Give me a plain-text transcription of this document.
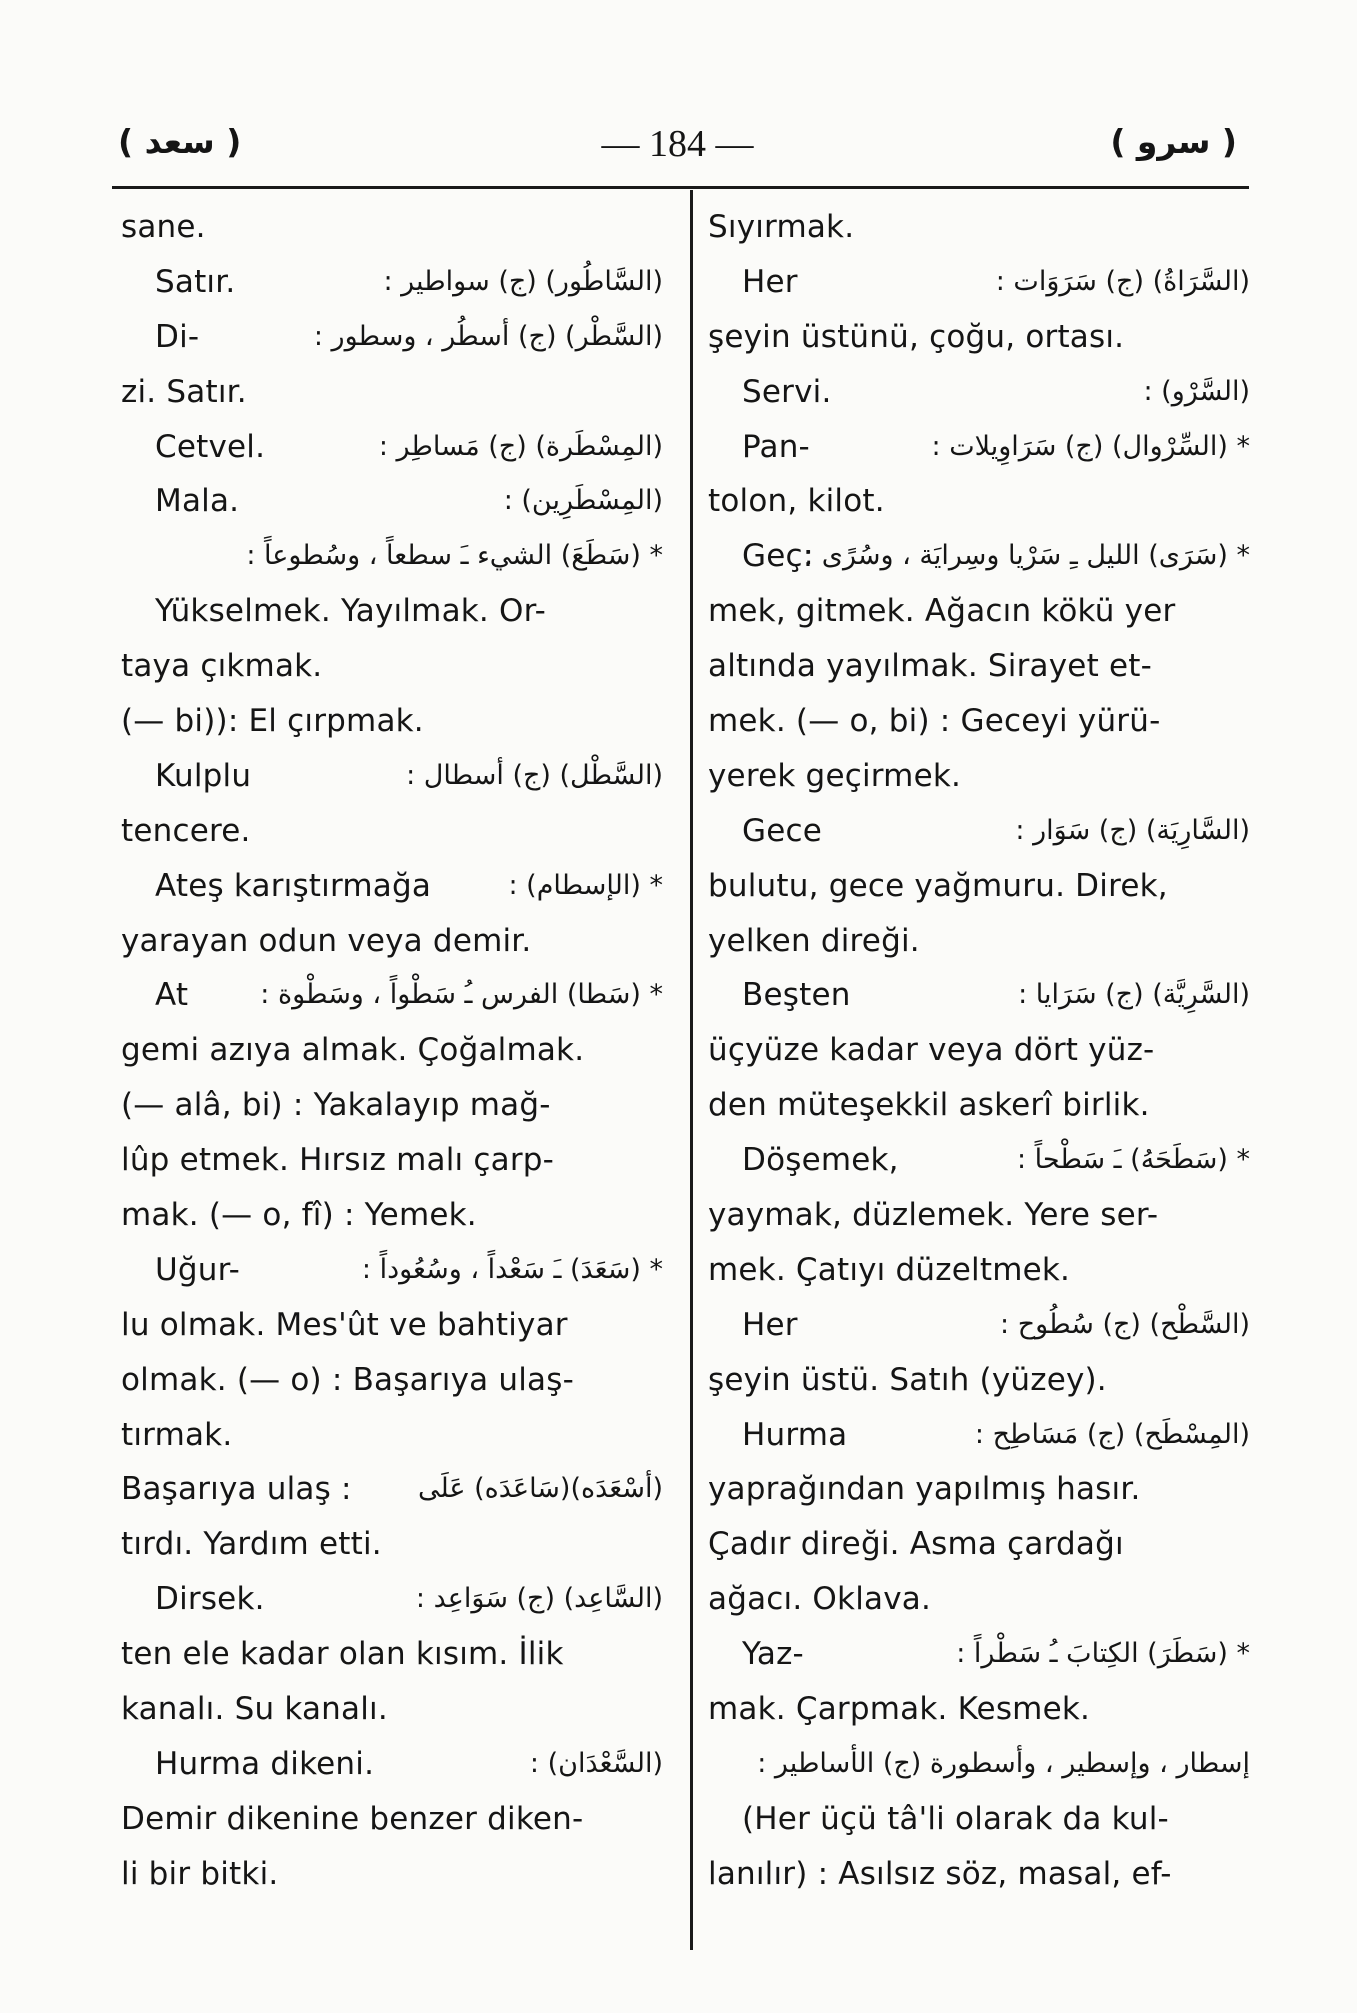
( سعد )	— 184 —	( سرو )
sane.
Satır.	(السَّاطُور) (ج) سواطير :
Di-	(السَّطْر) (ج) أسطُر ، وسطور :
zi. Satır.
Cetvel.	(المِسْطَرة) (ج) مَساطِر :
Mala.	(المِسْطَرِين) :
* (سَطَعَ) الشيء ـَ سطعاً ، وسُطوعاً :
Yükselmek. Yayılmak. Or-
taya çıkmak.
(— bi)): El çırpmak.
Kulplu	(السَّطْل) (ج) أسطال :
tencere.
Ateş karıştırmağa	* (الإسطام) :
yarayan odun veya demir.
At	* (سَطا) الفرس ـُ سَطْواً ، وسَطْوة :
gemi azıya almak. Çoğalmak.
(— alâ, bi) : Yakalayıp mağ-
lûp etmek. Hırsız malı çarp-
mak. (— o, fî) : Yemek.
Uğur-	* (سَعَدَ) ـَ سَعْداً ، وسُعُوداً :
lu olmak. Mes'ût ve bahtiyar
olmak. (— o) : Başarıya ulaş-
tırmak.
Başarıya ulaş : (أسْعَدَه)(سَاعَدَه) عَلَى
tırdı. Yardım etti.
Dirsek.	(السَّاعِد) (ج) سَوَاعِد :
ten ele kadar olan kısım. İlik
kanalı. Su kanalı.
Hurma dikeni.	(السَّعْدَان) :
Demir dikenine benzer diken-
li bir bitki.
Sıyırmak.
Her	(السَّرَاةُ) (ج) سَرَوَات :
şeyin üstünü, çoğu, ortası.
Servi.	(السَّرْو) :
Pan-	* (السِّرْوال) (ج) سَرَاوِيلات :
tolon, kilot.
Geç:
* (سَرَى) الليل ـِ سَرْيا وسِرايَة ، وسُرًى :
mek, gitmek. Ağacın kökü yer
altında yayılmak. Sirayet et-
mek. (— o, bi) : Geceyi yürü-
yerek geçirmek.
Gece	(السَّارِيَة) (ج) سَوَار :
bulutu, gece yağmuru. Direk,
yelken direği.
Beşten	(السَّرِيَّة) (ج) سَرَايا :
üçyüze kadar veya dört yüz-
den müteşekkil askerî birlik.
Döşemek,	* (سَطَحَهُ) ـَ سَطْحاً :
yaymak, düzlemek. Yere ser-
mek. Çatıyı düzeltmek.
Her	(السَّطْح) (ج) سُطُوح :
şeyin üstü. Satıh (yüzey).
Hurma	(المِسْطَح) (ج) مَسَاطِح :
yaprağından yapılmış hasır.
Çadır direği. Asma çardağı
ağacı. Oklava.
Yaz-	* (سَطَرَ) الكِتابَ ـُ سَطْراً :
mak. Çarpmak. Kesmek.
إسطار ، وإسطير ، وأسطورة (ج) الأساطير :
(Her üçü tâ'li olarak da kul-
lanılır) : Asılsız söz, masal, ef-
